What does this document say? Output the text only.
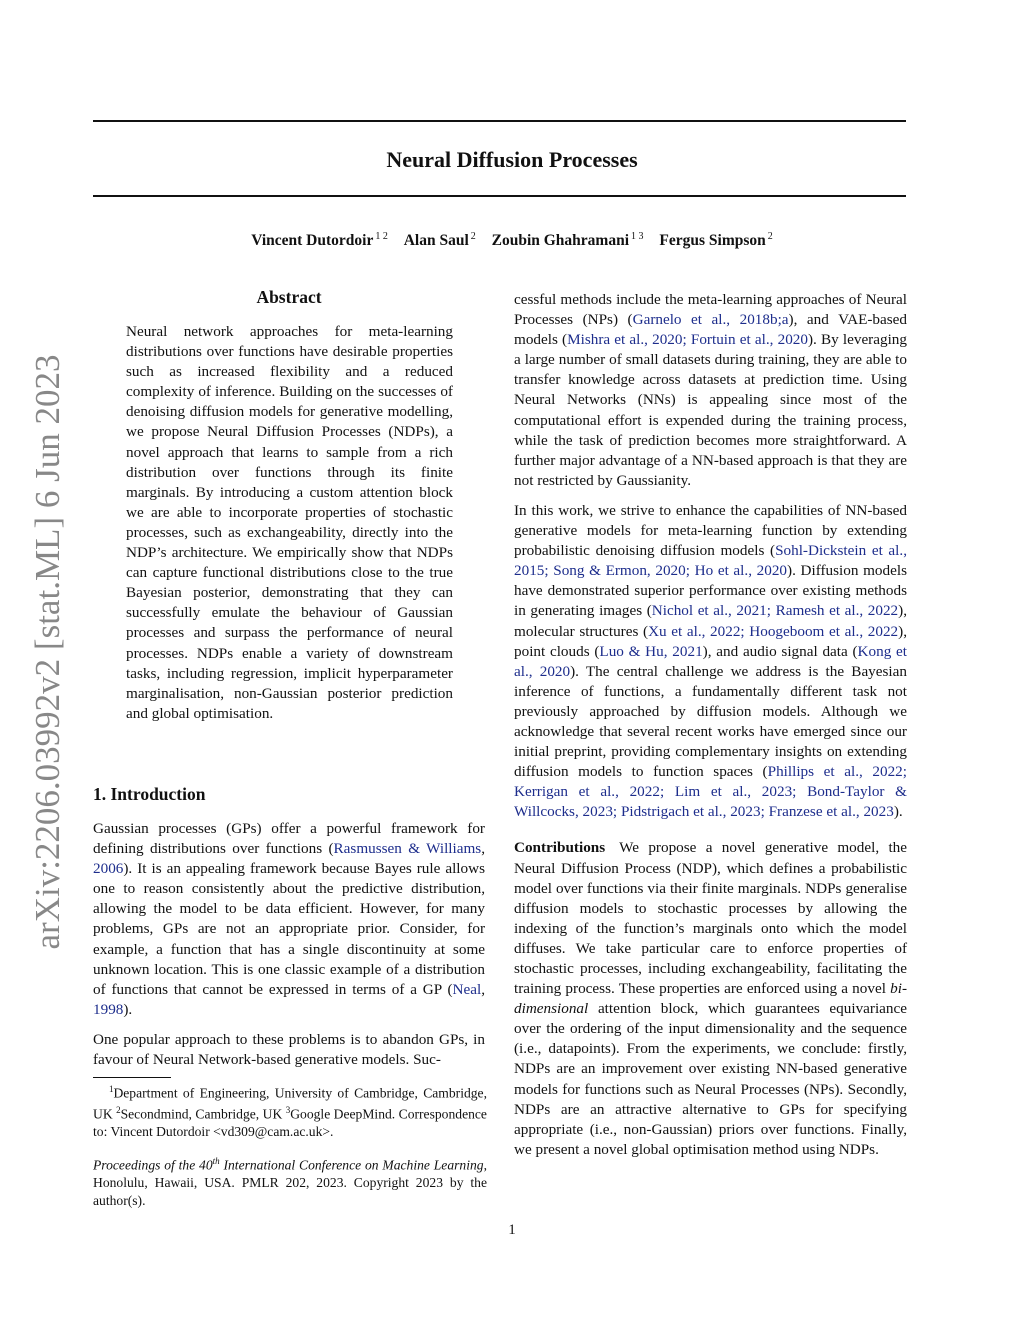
Neural Diffusion Processes
Vincent Dutordoir $^{1 2}$ Alan Saul $^2$ Zoubin Ghahramani $^{1 3}$ Fergus Simpson $^2$
arXiv:2206.03992v2 [stat.ML] 6 Jun 2023
Abstract

Neural network approaches for meta-learning distributions over functions have desirable properties such as increased flexibility and a reduced complexity of inference. Building on the successes of denoising diffusion models for generative modelling, we propose Neural Diffusion Processes (NDPs), a novel approach that learns to sample from a rich distribution over functions through its finite marginals. By introducing a custom attention block we are able to incorporate properties of stochastic processes, such as exchangeability, directly into the NDP’s architecture. We empirically show that NDPs can capture functional distributions close to the true Bayesian posterior, demonstrating that they can successfully emulate the behaviour of Gaussian processes and surpass the performance of neural processes. NDPs enable a variety of downstream tasks, including regression, implicit hyperparameter marginalisation, non-Gaussian posterior prediction and global optimisation.

1. Introduction

Gaussian processes (GPs) offer a powerful framework for defining distributions over functions (Rasmussen & Williams, 2006). It is an appealing framework because Bayes rule allows one to reason consistently about the predictive distribution, allowing the model to be data efficient. However, for many problems, GPs are not an appropriate prior. Consider, for example, a function that has a single discontinuity at some unknown location. This is one classic example of a distribution of functions that cannot be expressed in terms of a GP (Neal, 1998).

One popular approach to these problems is to abandon GPs, in favour of Neural Network-based generative models. Suc-

$^1$Department of Engineering, University of Cambridge, Cambridge, UK $^2$Secondmind, Cambridge, UK $^3$Google DeepMind. Correspondence to: Vincent Dutordoir <vd309@cam.ac.uk>.

Proceedings of the 40th International Conference on Machine Learning, Honolulu, Hawaii, USA. PMLR 202, 2023. Copyright 2023 by the author(s).

cessful methods include the meta-learning approaches of Neural Processes (NPs) (Garnelo et al., 2018b;a), and VAE-based models (Mishra et al., 2020; Fortuin et al., 2020). By leveraging a large number of small datasets during training, they are able to transfer knowledge across datasets at prediction time. Using Neural Networks (NNs) is appealing since most of the computational effort is expended during the training process, while the task of prediction becomes more straightforward. A further major advantage of a NN-based approach is that they are not restricted by Gaussianity.

In this work, we strive to enhance the capabilities of NN-based generative models for meta-learning function by extending probabilistic denoising diffusion models (Sohl-Dickstein et al., 2015; Song & Ermon, 2020; Ho et al., 2020). Diffusion models have demonstrated superior performance over existing methods in generating images (Nichol et al., 2021; Ramesh et al., 2022), molecular structures (Xu et al., 2022; Hoogeboom et al., 2022), point clouds (Luo & Hu, 2021), and audio signal data (Kong et al., 2020). The central challenge we address is the Bayesian inference of functions, a fundamentally different task not previously approached by diffusion models. Although we acknowledge that several recent works have emerged since our initial preprint, providing complementary insights on extending diffusion models to function spaces (Phillips et al., 2022; Kerrigan et al., 2022; Lim et al., 2023; Bond-Taylor & Willcocks, 2023; Pidstrigach et al., 2023; Franzese et al., 2023).

Contributions We propose a novel generative model, the Neural Diffusion Process (NDP), which defines a probabilistic model over functions via their finite marginals. NDPs generalise diffusion models to stochastic processes by allowing the indexing of the function’s marginals onto which the model diffuses. We take particular care to enforce properties of stochastic processes, including exchangeability, facilitating the training process. These properties are enforced using a novel bi-dimensional attention block, which guarantees equivariance over the ordering of the input dimensionality and the sequence (i.e., datapoints). From the experiments, we conclude: firstly, NDPs are an improvement over existing NN-based generative models for functions such as Neural Processes (NPs). Secondly, NDPs are an attractive alternative to GPs for specifying appropriate (i.e., non-Gaussian) priors over functions. Finally, we present a novel global optimisation method using NDPs.

1
